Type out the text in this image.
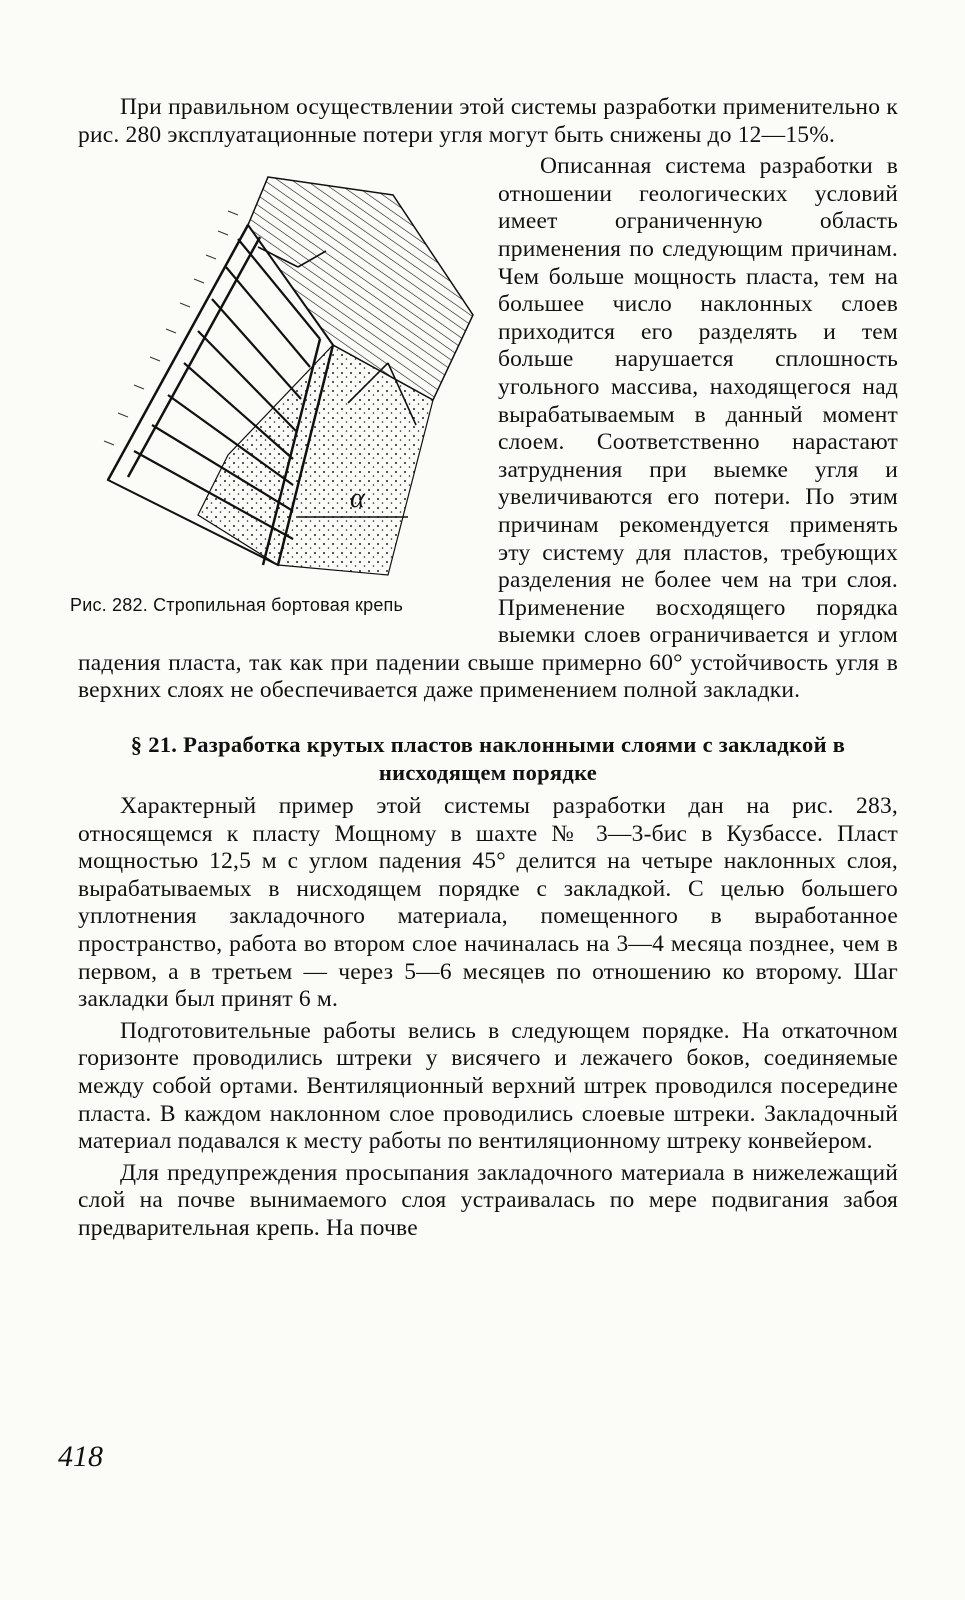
При правильном осуществлении этой системы разработки применительно к рис. 280 эксплуатационные потери угля могут быть снижены до 12—15%.

α
Рис. 282. Стропильная бортовая крепь

Описанная система разработки в отношении геологических условий имеет ограниченную область применения по следующим причинам. Чем больше мощность пласта, тем на большее число наклонных слоев приходится его разделять и тем больше нарушается сплошность угольного массива, находящегося над вырабатываемым в данный момент слоем. Соответственно нарастают затруднения при выемке угля и увеличиваются его потери. По этим причинам рекомендуется применять эту систему для пластов, требующих разделения не более чем на три слоя. Применение восходящего порядка выемки слоев ограничивается и углом падения пласта, так как при падении свыше примерно 60° устойчивость угля в верхних слоях не обеспечивается даже применением полной закладки.

§ 21. Разработка крутых пластов наклонными слоями с закладкой в нисходящем порядке

Характерный пример этой системы разработки дан на рис. 283, относящемся к пласту Мощному в шахте № 3—3-бис в Кузбассе. Пласт мощностью 12,5 м с углом падения 45° делится на четыре наклонных слоя, вырабатываемых в нисходящем порядке с закладкой. С целью большего уплотнения закладочного материала, помещенного в выработанное пространство, работа во втором слое начиналась на 3—4 месяца позднее, чем в первом, а в третьем — через 5—6 месяцев по отношению ко второму. Шаг закладки был принят 6 м.

Подготовительные работы велись в следующем порядке. На откаточном горизонте проводились штреки у висячего и лежачего боков, соединяемые между собой ортами. Вентиляционный верхний штрек проводился посередине пласта. В каждом наклонном слое проводились слоевые штреки. Закладочный материал подавался к месту работы по вентиляционному штреку конвейером.

Для предупреждения просыпания закладочного материала в нижележащий слой на почве вынимаемого слоя устраивалась по мере подвигания забоя предварительная крепь. На почве

418
